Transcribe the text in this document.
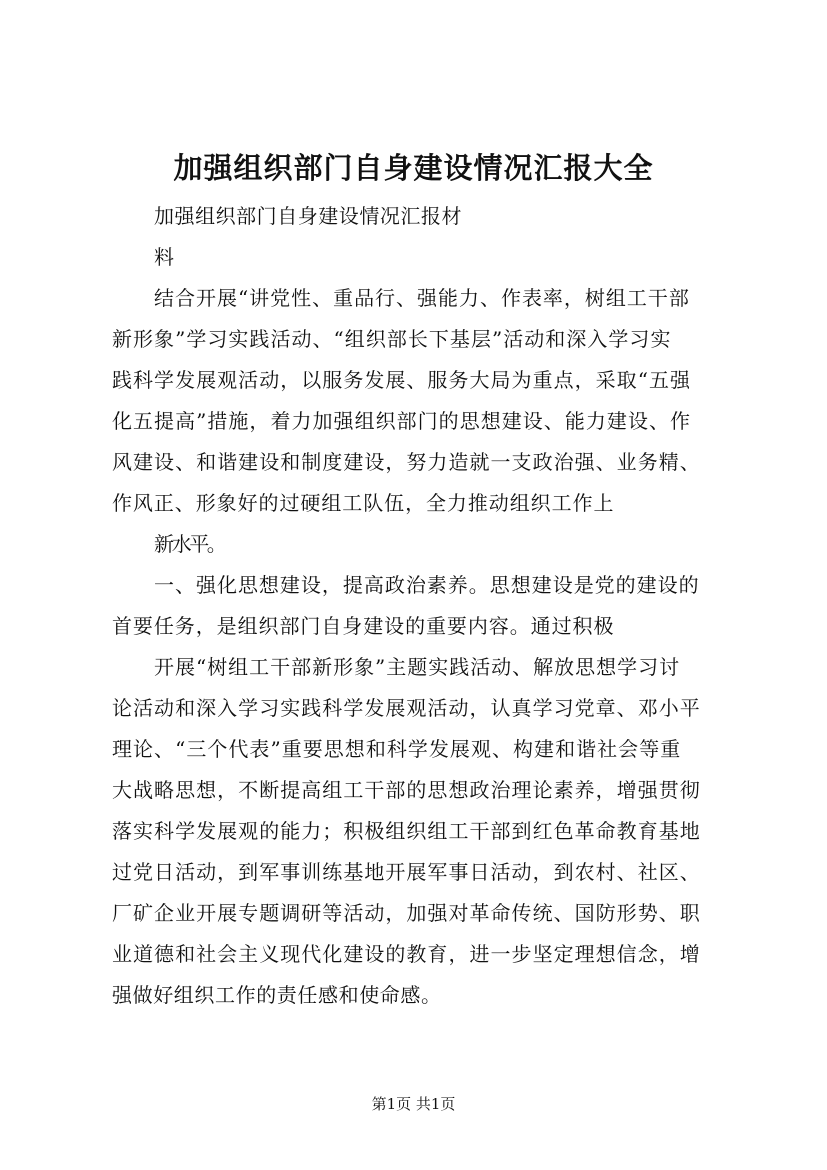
加强组织部门自身建设情况汇报大全
加强组织部门自身建设情况汇报材
料
结合开展“讲党性、重品行、强能力、作表率，树组工干部
新形象”学习实践活动、“组织部长下基层”活动和深入学习实
践科学发展观活动，以服务发展、服务大局为重点，采取“五强
化五提高”措施，着力加强组织部门的思想建设、能力建设、作
风建设、和谐建设和制度建设，努力造就一支政治强、业务精、
作风正、形象好的过硬组工队伍，全力推动组织工作上
新水平。
一、强化思想建设，提高政治素养。思想建设是党的建设的
首要任务，是组织部门自身建设的重要内容。通过积极
开展“树组工干部新形象”主题实践活动、解放思想学习讨
论活动和深入学习实践科学发展观活动，认真学习党章、邓小平
理论、“三个代表”重要思想和科学发展观、构建和谐社会等重
大战略思想，不断提高组工干部的思想政治理论素养，增强贯彻
落实科学发展观的能力；积极组织组工干部到红色革命教育基地
过党日活动，到军事训练基地开展军事日活动，到农村、社区、
厂矿企业开展专题调研等活动，加强对革命传统、国防形势、职
业道德和社会主义现代化建设的教育，进一步坚定理想信念，增
强做好组织工作的责任感和使命感。
第1页 共1页
